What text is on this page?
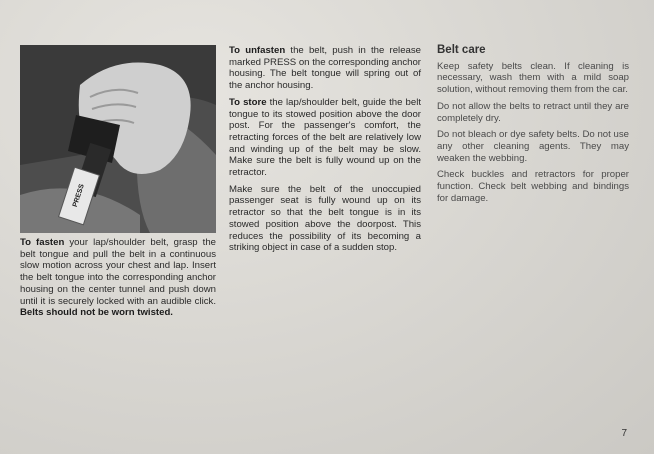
PRESS

To fasten your lap/shoulder belt, grasp the belt tongue and pull the belt in a continuous slow motion across your chest and lap. Insert the belt tongue into the corresponding anchor housing on the center tunnel and push down until it is securely locked with an audible click. Belts should not be worn twisted.

To unfasten the belt, push in the release marked PRESS on the corresponding anchor housing. The belt tongue will spring out of the anchor housing.

To store the lap/shoulder belt, guide the belt tongue to its stowed position above the door post. For the passenger's comfort, the retracting forces of the belt are relatively low and winding up of the belt may be slow. Make sure the belt is fully wound up on the retractor.

Make sure the belt of the unoccupied passenger seat is fully wound up on its retractor so that the belt tongue is in its stowed position above the doorpost. This reduces the possibility of its becoming a striking object in case of a sudden stop.

Belt care

Keep safety belts clean. If cleaning is necessary, wash them with a mild soap solution, without removing them from the car.

Do not allow the belts to retract until they are completely dry.

Do not bleach or dye safety belts. Do not use any other cleaning agents. They may weaken the webbing.

Check buckles and retractors for proper function. Check belt webbing and bindings for damage.

7
